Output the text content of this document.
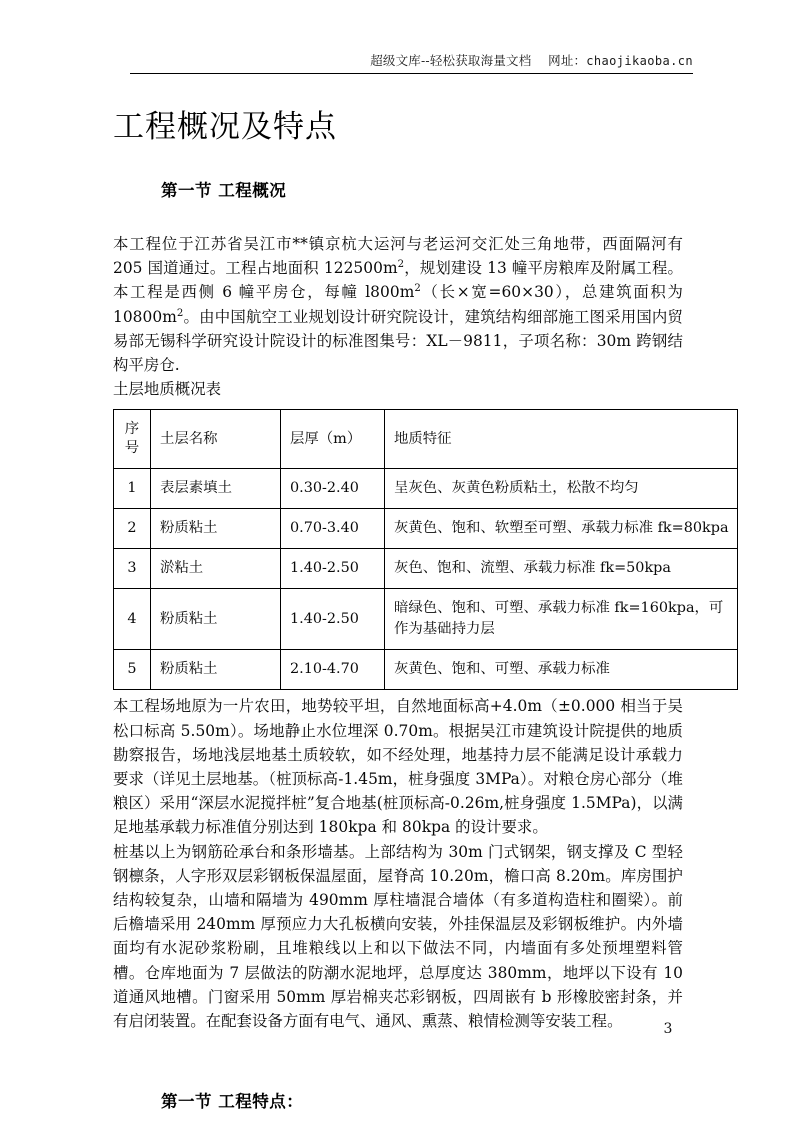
超级文库--轻松获取海量文档 网址：chaojikaoba.cn
工程概况及特点
第一节 工程概况

本工程位于江苏省吴江市**镇京杭大运河与老运河交汇处三角地带，西面隔河有 205 国道通过。工程占地面积 $122500m^2$，规划建设 13 幢平房粮库及附属工程。本工程是西侧 6 幢平房仓，每幢 $l800m^2$（长×宽=60×30），总建筑面积为 $10800m^2$。由中国航空工业规划设计研究院设计，建筑结构细部施工图采用国内贸易部无锡科学研究设计院设计的标准图集号：XL－9811，子项名称：30m 跨钢结构平房仓.

土层地质概况表

序
号	土层名称	层厚（m）	地质特征
1	表层素填土	0.30-2.40	呈灰色、灰黄色粉质粘土，松散不均匀
2	粉质粘土	0.70-3.40	灰黄色、饱和、软塑至可塑、承载力标准 fk=80kpa
3	淤粘土	1.40-2.50	灰色、饱和、流塑、承载力标准 fk=50kpa
4	粉质粘土	1.40-2.50	暗绿色、饱和、可塑、承载力标准 fk=160kpa，可作为基础持力层
5	粉质粘土	2.10-4.70	灰黄色、饱和、可塑、承载力标准

本工程场地原为一片农田，地势较平坦，自然地面标高+4.0m（±0.000 相当于吴松口标高 5.50m）。场地静止水位埋深 0.70m。根据吴江市建筑设计院提供的地质勘察报告，场地浅层地基土质较软，如不经处理，地基持力层不能满足设计承载力要求（详见土层地基。（桩顶标高-1.45m，桩身强度 3MPa）。对粮仓房心部分（堆粮区）采用“深层水泥搅拌桩”复合地基(桩顶标高-0.26m,桩身强度 1.5MPa)，以满足地基承载力标准值分别达到 180kpa 和 80kpa 的设计要求。

桩基以上为钢筋砼承台和条形墙基。上部结构为 30m 门式钢架，钢支撑及 C 型轻钢檩条，人字形双层彩钢板保温屋面，屋脊高 10.20m，檐口高 8.20m。库房围护结构较复杂，山墙和隔墙为 490mm 厚柱墙混合墙体（有多道构造柱和圈梁）。前后檐墙采用 240mm 厚预应力大孔板横向安装，外挂保温层及彩钢板维护。内外墙面均有水泥砂浆粉刷，且堆粮线以上和以下做法不同，内墙面有多处预埋塑料管槽。仓库地面为 7 层做法的防潮水泥地坪，总厚度达 380mm，地坪以下设有 10 道通风地槽。门窗采用 50mm 厚岩棉夹芯彩钢板，四周嵌有 b 形橡胶密封条，并有启闭装置。在配套设备方面有电气、通风、熏蒸、粮情检测等安装工程。

第一节 工程特点：
3
